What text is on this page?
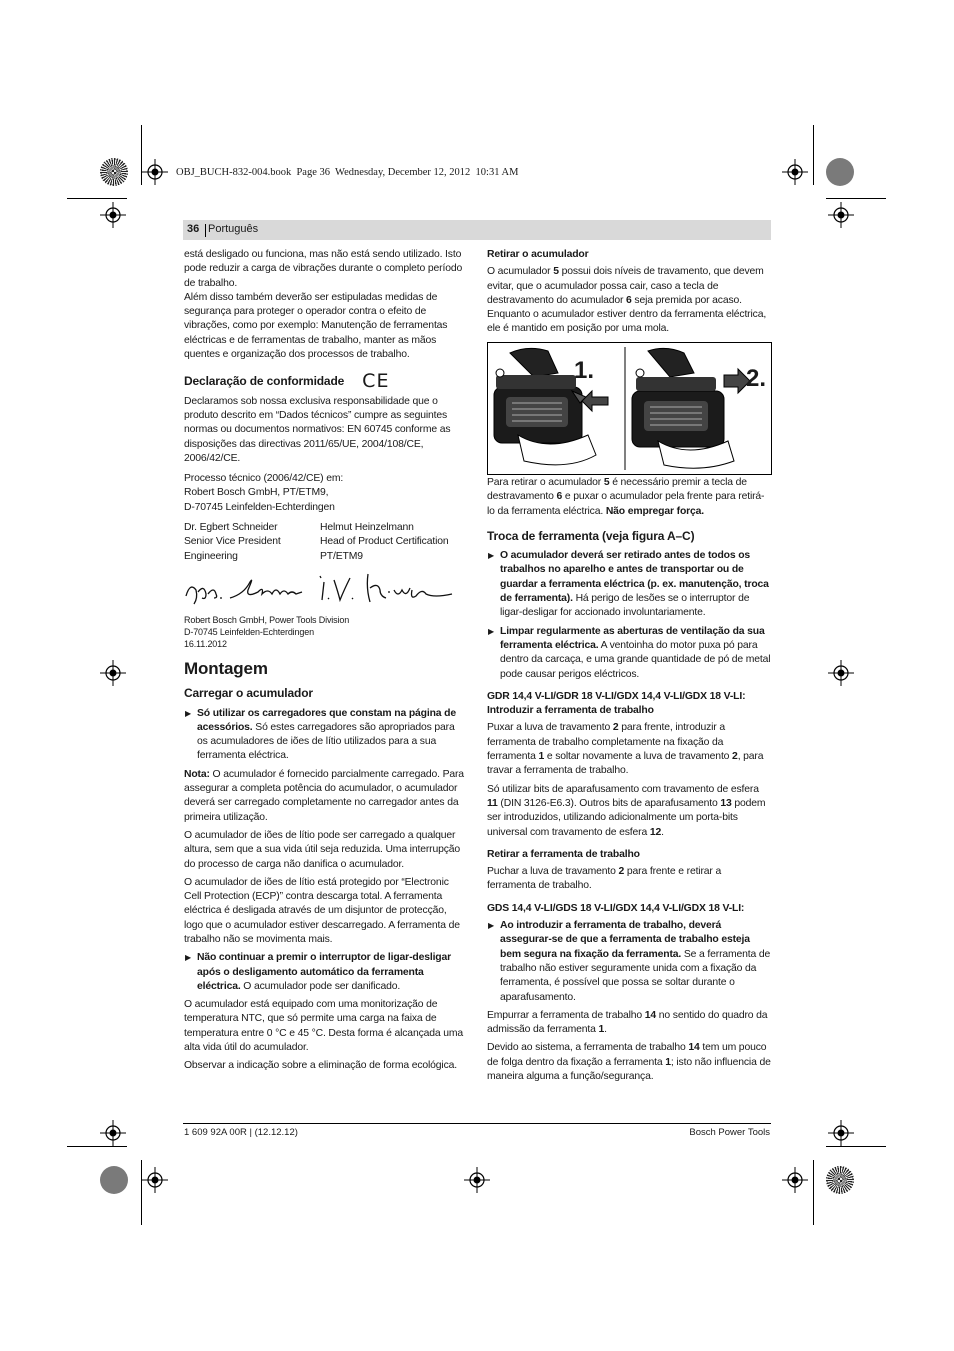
OBJ_BUCH-832-004.book  Page 36  Wednesday, December 12, 2012  10:31 AM
36 Português

está desligado ou funciona, mas não está sendo utilizado. Isto pode reduzir a carga de vibrações durante o completo período de trabalho.

Além disso também deverão ser estipuladas medidas de segurança para proteger o operador contra o efeito de vibrações, como por exemplo: Manutenção de ferramentas eléctricas e de ferramentas de trabalho, manter as mãos quentes e organização dos processos de trabalho.

Declaração de conformidade CE

Declaramos sob nossa exclusiva responsabilidade que o produto descrito em “Dados técnicos” cumpre as seguintes normas ou documentos normativos: EN 60745 conforme as disposições das directivas 2011/65/UE, 2004/108/CE, 2006/42/CE.

Processo técnico (2006/42/CE) em:

Robert Bosch GmbH, PT/ETM9,

D-70745 Leinfelden-Echterdingen

Dr. Egbert Schneider
Senior Vice President
Engineering
Helmut Heinzelmann
Head of Product Certification
PT/ETM9
Robert Bosch GmbH, Power Tools Division
D-70745 Leinfelden-Echterdingen
16.11.2012
Montagem
Carregar o acumulador
▶ Só utilizar os carregadores que constam na página de acessórios. Só estes carregadores são apropriados para os acumuladores de iões de lítio utilizados para a sua ferramenta eléctrica.

Nota: O acumulador é fornecido parcialmente carregado. Para assegurar a completa potência do acumulador, o acumulador deverá ser carregado completamente no carregador antes da primeira utilização.

O acumulador de iões de lítio pode ser carregado a qualquer altura, sem que a sua vida útil seja reduzida. Uma interrupção do processo de carga não danifica o acumulador.

O acumulador de iões de lítio está protegido por “Electronic Cell Protection (ECP)” contra descarga total. A ferramenta eléctrica é desligada através de um disjuntor de protecção, logo que o acumulador estiver descarregado. A ferramenta de trabalho não se movimenta mais.

▶ Não continuar a premir o interruptor de ligar-desligar após o desligamento automático da ferramenta eléctrica. O acumulador pode ser danificado.

O acumulador está equipado com uma monitorização de temperatura NTC, que só permite uma carga na faixa de temperatura entre 0 °C e 45 °C. Desta forma é alcançada uma alta vida útil do acumulador.

Observar a indicação sobre a eliminação de forma ecológica.

Retirar o acumulador

O acumulador 5 possui dois níveis de travamento, que devem evitar, que o acumulador possa cair, caso a tecla de destravamento do acumulador 6 seja premida por acaso. Enquanto o acumulador estiver dentro da ferramenta eléctrica, ele é mantido em posição por uma mola.

1.	2.

Para retirar o acumulador 5 é necessário premir a tecla de destravamento 6 e puxar o acumulador pela frente para retirá-lo da ferramenta eléctrica. Não empregar força.

Troca de ferramenta (veja figura A–C)
▶ O acumulador deverá ser retirado antes de todos os trabalhos no aparelho e antes de transportar ou de guardar a ferramenta eléctrica (p. ex. manutenção, troca de ferramenta). Há perigo de lesões se o interruptor de ligar-desligar for accionado involuntariamente.
▶ Limpar regularmente as aberturas de ventilação da sua ferramenta eléctrica. A ventoinha do motor puxa pó para dentro da carcaça, e uma grande quantidade de pó de metal pode causar perigos eléctricos.
GDR 14,4 V-LI/GDR 18 V-LI/GDX 14,4 V-LI/GDX 18 V-LI: Introduzir a ferramenta de trabalho

Puxar a luva de travamento 2 para frente, introduzir a ferramenta de trabalho completamente na fixação da ferramenta 1 e soltar novamente a luva de travamento 2, para travar a ferramenta de trabalho.

Só utilizar bits de aparafusamento com travamento de esfera 11 (DIN 3126-E6.3). Outros bits de aparafusamento 13 podem ser introduzidos, utilizando adicionalmente um porta-bits universal com travamento de esfera 12.

Retirar a ferramenta de trabalho

Puchar a luva de travamento 2 para frente e retirar a ferramenta de trabalho.

GDS 14,4 V-LI/GDS 18 V-LI/GDX 14,4 V-LI/GDX 18 V-LI:
▶ Ao introduzir a ferramenta de trabalho, deverá assegurar-se de que a ferramenta de trabalho esteja bem segura na fixação da ferramenta. Se a ferramenta de trabalho não estiver seguramente unida com a fixação da ferramenta, é possível que possa se soltar durante o aparafusamento.

Empurrar a ferramenta de trabalho 14 no sentido do quadro da admissão da ferramenta 1.

Devido ao sistema, a ferramenta de trabalho 14 tem um pouco de folga dentro da fixação a ferramenta 1; isto não influencia de maneira alguma a função/segurança.

1 609 92A 00R | (12.12.12)	Bosch Power Tools
